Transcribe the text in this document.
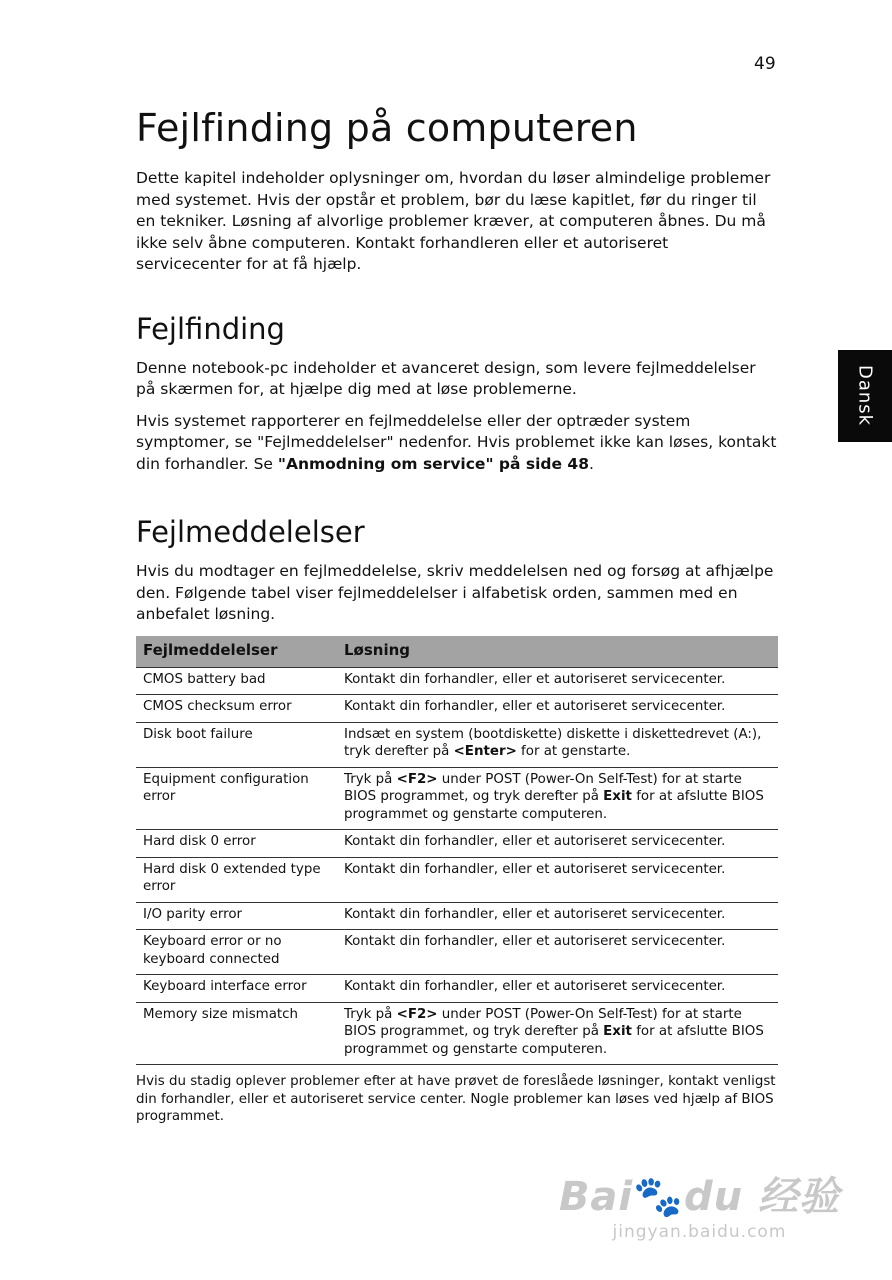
49
Dansk
Fejlfinding på computeren

Dette kapitel indeholder oplysninger om, hvordan du løser almindelige problemer med systemet. Hvis der opstår et problem, bør du læse kapitlet, før du ringer til en tekniker. Løsning af alvorlige problemer kræver, at computeren åbnes. Du må ikke selv åbne computeren. Kontakt forhandleren eller et autoriseret servicecenter for at få hjælp.

Fejlfinding

Denne notebook-pc indeholder et avanceret design, som levere fejlmeddelelser på skærmen for, at hjælpe dig med at løse problemerne.

Hvis systemet rapporterer en fejlmeddelelse eller der optræder system symptomer, se "Fejlmeddelelser" nedenfor. Hvis problemet ikke kan løses, kontakt din forhandler. Se "Anmodning om service" på side 48.

Fejlmeddelelser

Hvis du modtager en fejlmeddelelse, skriv meddelelsen ned og forsøg at afhjælpe den. Følgende tabel viser fejlmeddelelser i alfabetisk orden, sammen med en anbefalet løsning.

Fejlmeddelelser	Løsning
CMOS battery bad	Kontakt din forhandler, eller et autoriseret servicecenter.
CMOS checksum error	Kontakt din forhandler, eller et autoriseret servicecenter.
Disk boot failure	Indsæt en system (bootdiskette) diskette i diskettedrevet (A:), tryk derefter på <Enter> for at genstarte.
Equipment configuration error	Tryk på <F2> under POST (Power-On Self-Test) for at starte BIOS programmet, og tryk derefter på Exit for at afslutte BIOS programmet og genstarte computeren.
Hard disk 0 error	Kontakt din forhandler, eller et autoriseret servicecenter.
Hard disk 0 extended type error	Kontakt din forhandler, eller et autoriseret servicecenter.
I/O parity error	Kontakt din forhandler, eller et autoriseret servicecenter.
Keyboard error or no keyboard connected	Kontakt din forhandler, eller et autoriseret servicecenter.
Keyboard interface error	Kontakt din forhandler, eller et autoriseret servicecenter.
Memory size mismatch	Tryk på <F2> under POST (Power-On Self-Test) for at starte BIOS programmet, og tryk derefter på Exit for at afslutte BIOS programmet og genstarte computeren.

Hvis du stadig oplever problemer efter at have prøvet de foreslåede løsninger, kontakt venligst din forhandler, eller et autoriseret service center. Nogle problemer kan løses ved hjælp af BIOS programmet.

Bai🐾du 经验
jingyan.baidu.com
